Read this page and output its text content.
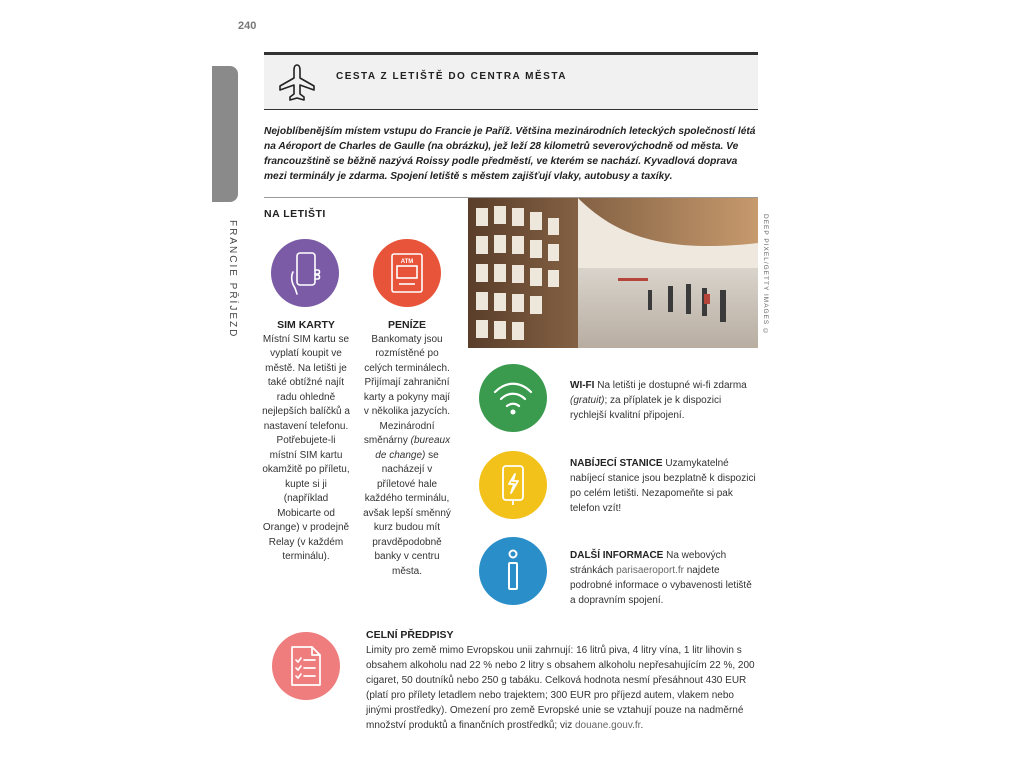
240
FRANCIE PŘÍJEZD
CESTA Z LETIŠTĚ DO CENTRA MĚSTA
Nejoblíbenějším místem vstupu do Francie je Paříž. Většina mezinárodních leteckých společností létá na Aéroport de Charles de Gaulle (na obrázku), jež leží 28 kilometrů severovýchodně od města. Ve francouzštině se běžně nazývá Roissy podle předměstí, ve kterém se nachází. Kyvadlová doprava mezi terminály je zdarma. Spojení letiště s městem zajišťují vlaky, autobusy a taxíky.
NA LETIŠTI	DEEP PIXEL/GETTY IMAGES ©
SIM KARTY
Místní SIM kartu se vyplatí koupit ve městě. Na letišti je také obtížné najít radu ohledně nejlepších balíčků a nastavení telefonu. Potřebujete-li místní SIM kartu okamžitě po příletu, kupte si ji (například Mobicarte od Orange) v prodejně Relay (v každém terminálu).
ATM
PENÍZE
Bankomaty jsou rozmístěné po celých terminálech. Přijímají zahraniční karty a pokyny mají v několika jazycích. Mezinárodní směnárny (bureaux de change) se nacházejí v příletové hale každého terminálu, avšak lepší směnný kurz budou mít pravděpodobně banky v centru města.
WI-FI Na letišti je dostupné wi-fi zdarma (gratuit); za příplatek je k dispozici rychlejší kvalitní připojení.
NABÍJECÍ STANICE Uzamykatelné nabíjecí stanice jsou bezplatně k dispozici po celém letišti. Nezapomeňte si pak telefon vzít!
DALŠÍ INFORMACE Na webových stránkách parisaeroport.fr najdete podrobné informace o vybavenosti letiště a dopravním spojení.
CELNÍ PŘEDPISY
Limity pro země mimo Evropskou unii zahrnují: 16 litrů piva, 4 litry vína, 1 litr lihovin s obsahem alkoholu nad 22 % nebo 2 litry s obsahem alkoholu nepřesahujícím 22 %, 200 cigaret, 50 doutníků nebo 250 g tabáku. Celková hodnota nesmí přesáhnout 430 EUR (platí pro přílety letadlem nebo trajektem; 300 EUR pro příjezd autem, vlakem nebo jinými prostředky). Omezení pro země Evropské unie se vztahují pouze na nadměrné množství produktů a finančních prostředků; viz douane.gouv.fr.
